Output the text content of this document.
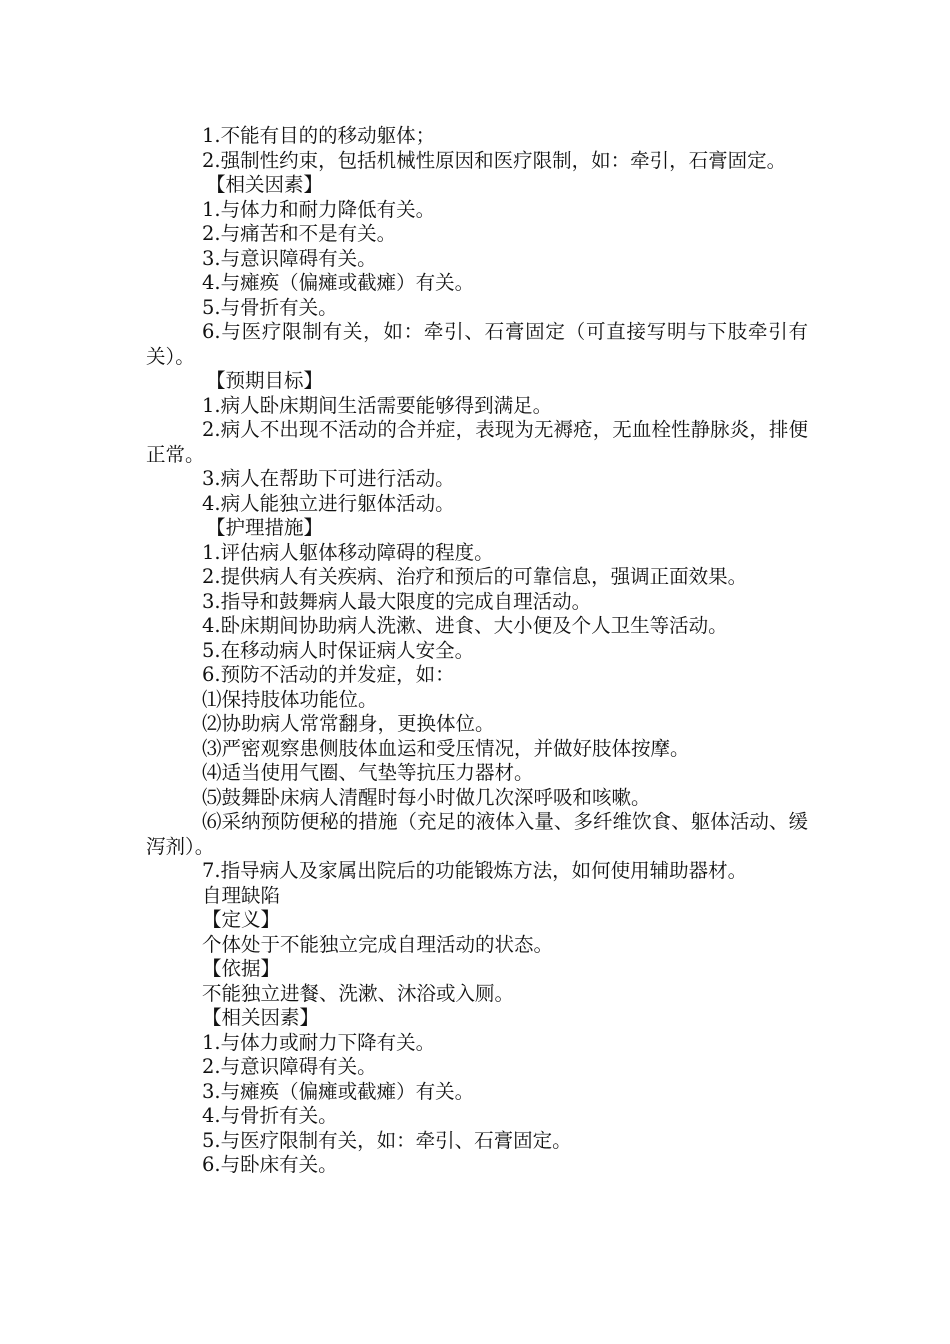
1.不能有目的的移动躯体；
2.强制性约束，包括机械性原因和医疗限制，如：牵引，石膏固定。
【相关因素】
1.与体力和耐力降低有关。
2.与痛苦和不是有关。
3.与意识障碍有关。
4.与瘫痪（偏瘫或截瘫）有关。
5.与骨折有关。
6.与医疗限制有关，如：牵引、石膏固定（可直接写明与下肢牵引有关）。
【预期目标】
1.病人卧床期间生活需要能够得到满足。
2.病人不出现不活动的合并症，表现为无褥疮，无血栓性静脉炎，排便正常。
3.病人在帮助下可进行活动。
4.病人能独立进行躯体活动。
【护理措施】
1.评估病人躯体移动障碍的程度。
2.提供病人有关疾病、治疗和预后的可靠信息，强调正面效果。
3.指导和鼓舞病人最大限度的完成自理活动。
4.卧床期间协助病人洗漱、进食、大小便及个人卫生等活动。
5.在移动病人时保证病人安全。
6.预防不活动的并发症，如：
⑴保持肢体功能位。
⑵协助病人常常翻身，更换体位。
⑶严密观察患侧肢体血运和受压情况，并做好肢体按摩。
⑷适当使用气圈、气垫等抗压力器材。
⑸鼓舞卧床病人清醒时每小时做几次深呼吸和咳嗽。
⑹采纳预防便秘的措施（充足的液体入量、多纤维饮食、躯体活动、缓泻剂）。
7.指导病人及家属出院后的功能锻炼方法，如何使用辅助器材。
自理缺陷
【定义】
个体处于不能独立完成自理活动的状态。
【依据】
不能独立进餐、洗漱、沐浴或入厕。
【相关因素】
1.与体力或耐力下降有关。
2.与意识障碍有关。
3.与瘫痪（偏瘫或截瘫）有关。
4.与骨折有关。
5.与医疗限制有关，如：牵引、石膏固定。
6.与卧床有关。
